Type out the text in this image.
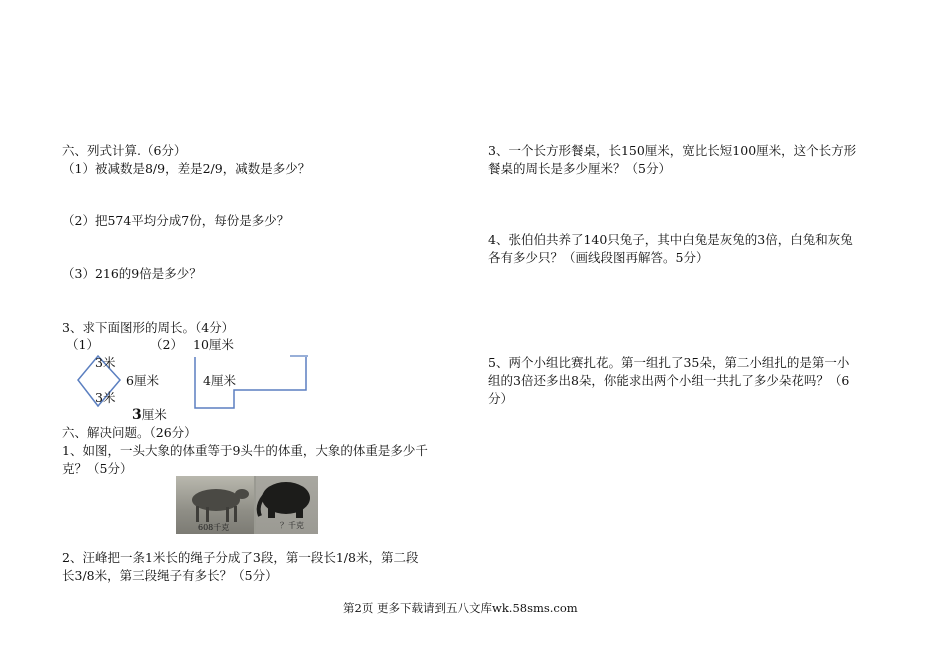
六、列式计算.（6分）
（1）被减数是8/9，差是2/9，减数是多少？
（2）把574平均分成7份，每份是多少？
（3）216的9倍是多少？
3、求下面图形的周长。（4分）
（1）	（2）
3米
6厘米
3米
10厘米
4厘米
3厘米
六、解决问题。（26分）
1、如图，一头大象的体重等于9头牛的体重，大象的体重是多少千
克？（5分）
608千克	？千克
2、汪峰把一条1米长的绳子分成了3段，第一段长1/8米，第二段
长3/8米，第三段绳子有多长？（5分）
3、一个长方形餐桌，长150厘米，宽比长短100厘米，这个长方形
餐桌的周长是多少厘米？（5分）
4、张伯伯共养了140只兔子，其中白兔是灰兔的3倍，白兔和灰兔
各有多少只？（画线段图再解答。5分）
5、两个小组比赛扎花。第一组扎了35朵，第二小组扎的是第一小
组的3倍还多出8朵，你能求出两个小组一共扎了多少朵花吗？（6
分）
第2页 更多下载请到五八文库wk.58sms.com
